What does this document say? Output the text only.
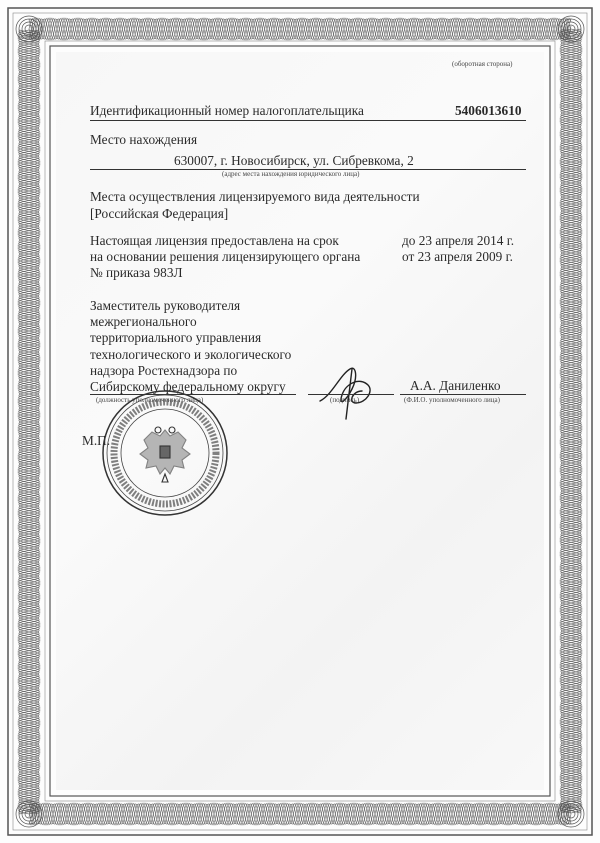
(оборотная сторона)
Идентификационный номер налогоплательщика	5406013610
Место нахождения
630007, г. Новосибирск, ул. Сибревкома, 2
(адрес места нахождения юридического лица)
Места осуществления лицензируемого вида деятельности
[Российская Федерация]
Настоящая лицензия предоставлена на срок	до 23 апреля 2014 г.
на основании решения лицензирующего органа	от 23 апреля 2009 г.
№ приказа 983Л
Заместитель руководителя
межрегионального
территориального управления
технологического и экологического
надзора Ростехнадзора по
Сибирскому федеральному округу
(должность уполномоченного лица)	(подпись)
А.А. Даниленко
(Ф.И.О. уполномоченного лица)
М.П.
